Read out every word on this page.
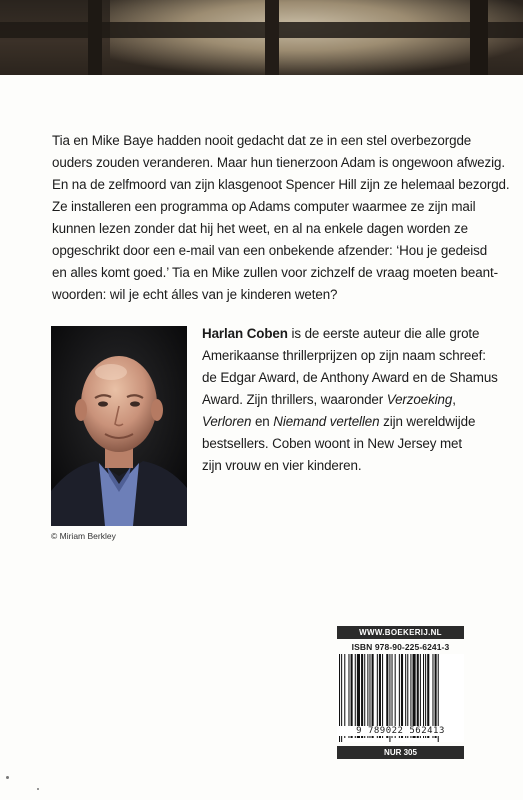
Tia en Mike Baye hadden nooit gedacht dat ze in een stel overbezorgde
ouders zouden veranderen. Maar hun tienerzoon Adam is ongewoon afwezig.
En na de zelfmoord van zijn klasgenoot Spencer Hill zijn ze helemaal bezorgd.
Ze installeren een programma op Adams computer waarmee ze zijn mail
kunnen lezen zonder dat hij het weet, en al na enkele dagen worden ze
opgeschrikt door een e-mail van een onbekende afzender: ‘Hou je gedeisd
en alles komt goed.’ Tia en Mike zullen voor zichzelf de vraag moeten beant-
woorden: wil je echt álles van je kinderen weten?

© Miriam Berkley

Harlan Coben is de eerste auteur die alle grote
Amerikaanse thrillerprijzen op zijn naam schreef:
de Edgar Award, de Anthony Award en de Shamus
Award. Zijn thrillers, waaronder Verzoeking,
Verloren en Niemand vertellen zijn wereldwijde
bestsellers. Coben woont in New Jersey met
zijn vrouw en vier kinderen.

WWW.BOEKERIJ.NL
ISBN 978-90-225-6241-3
9 789022 562413
NUR 305
